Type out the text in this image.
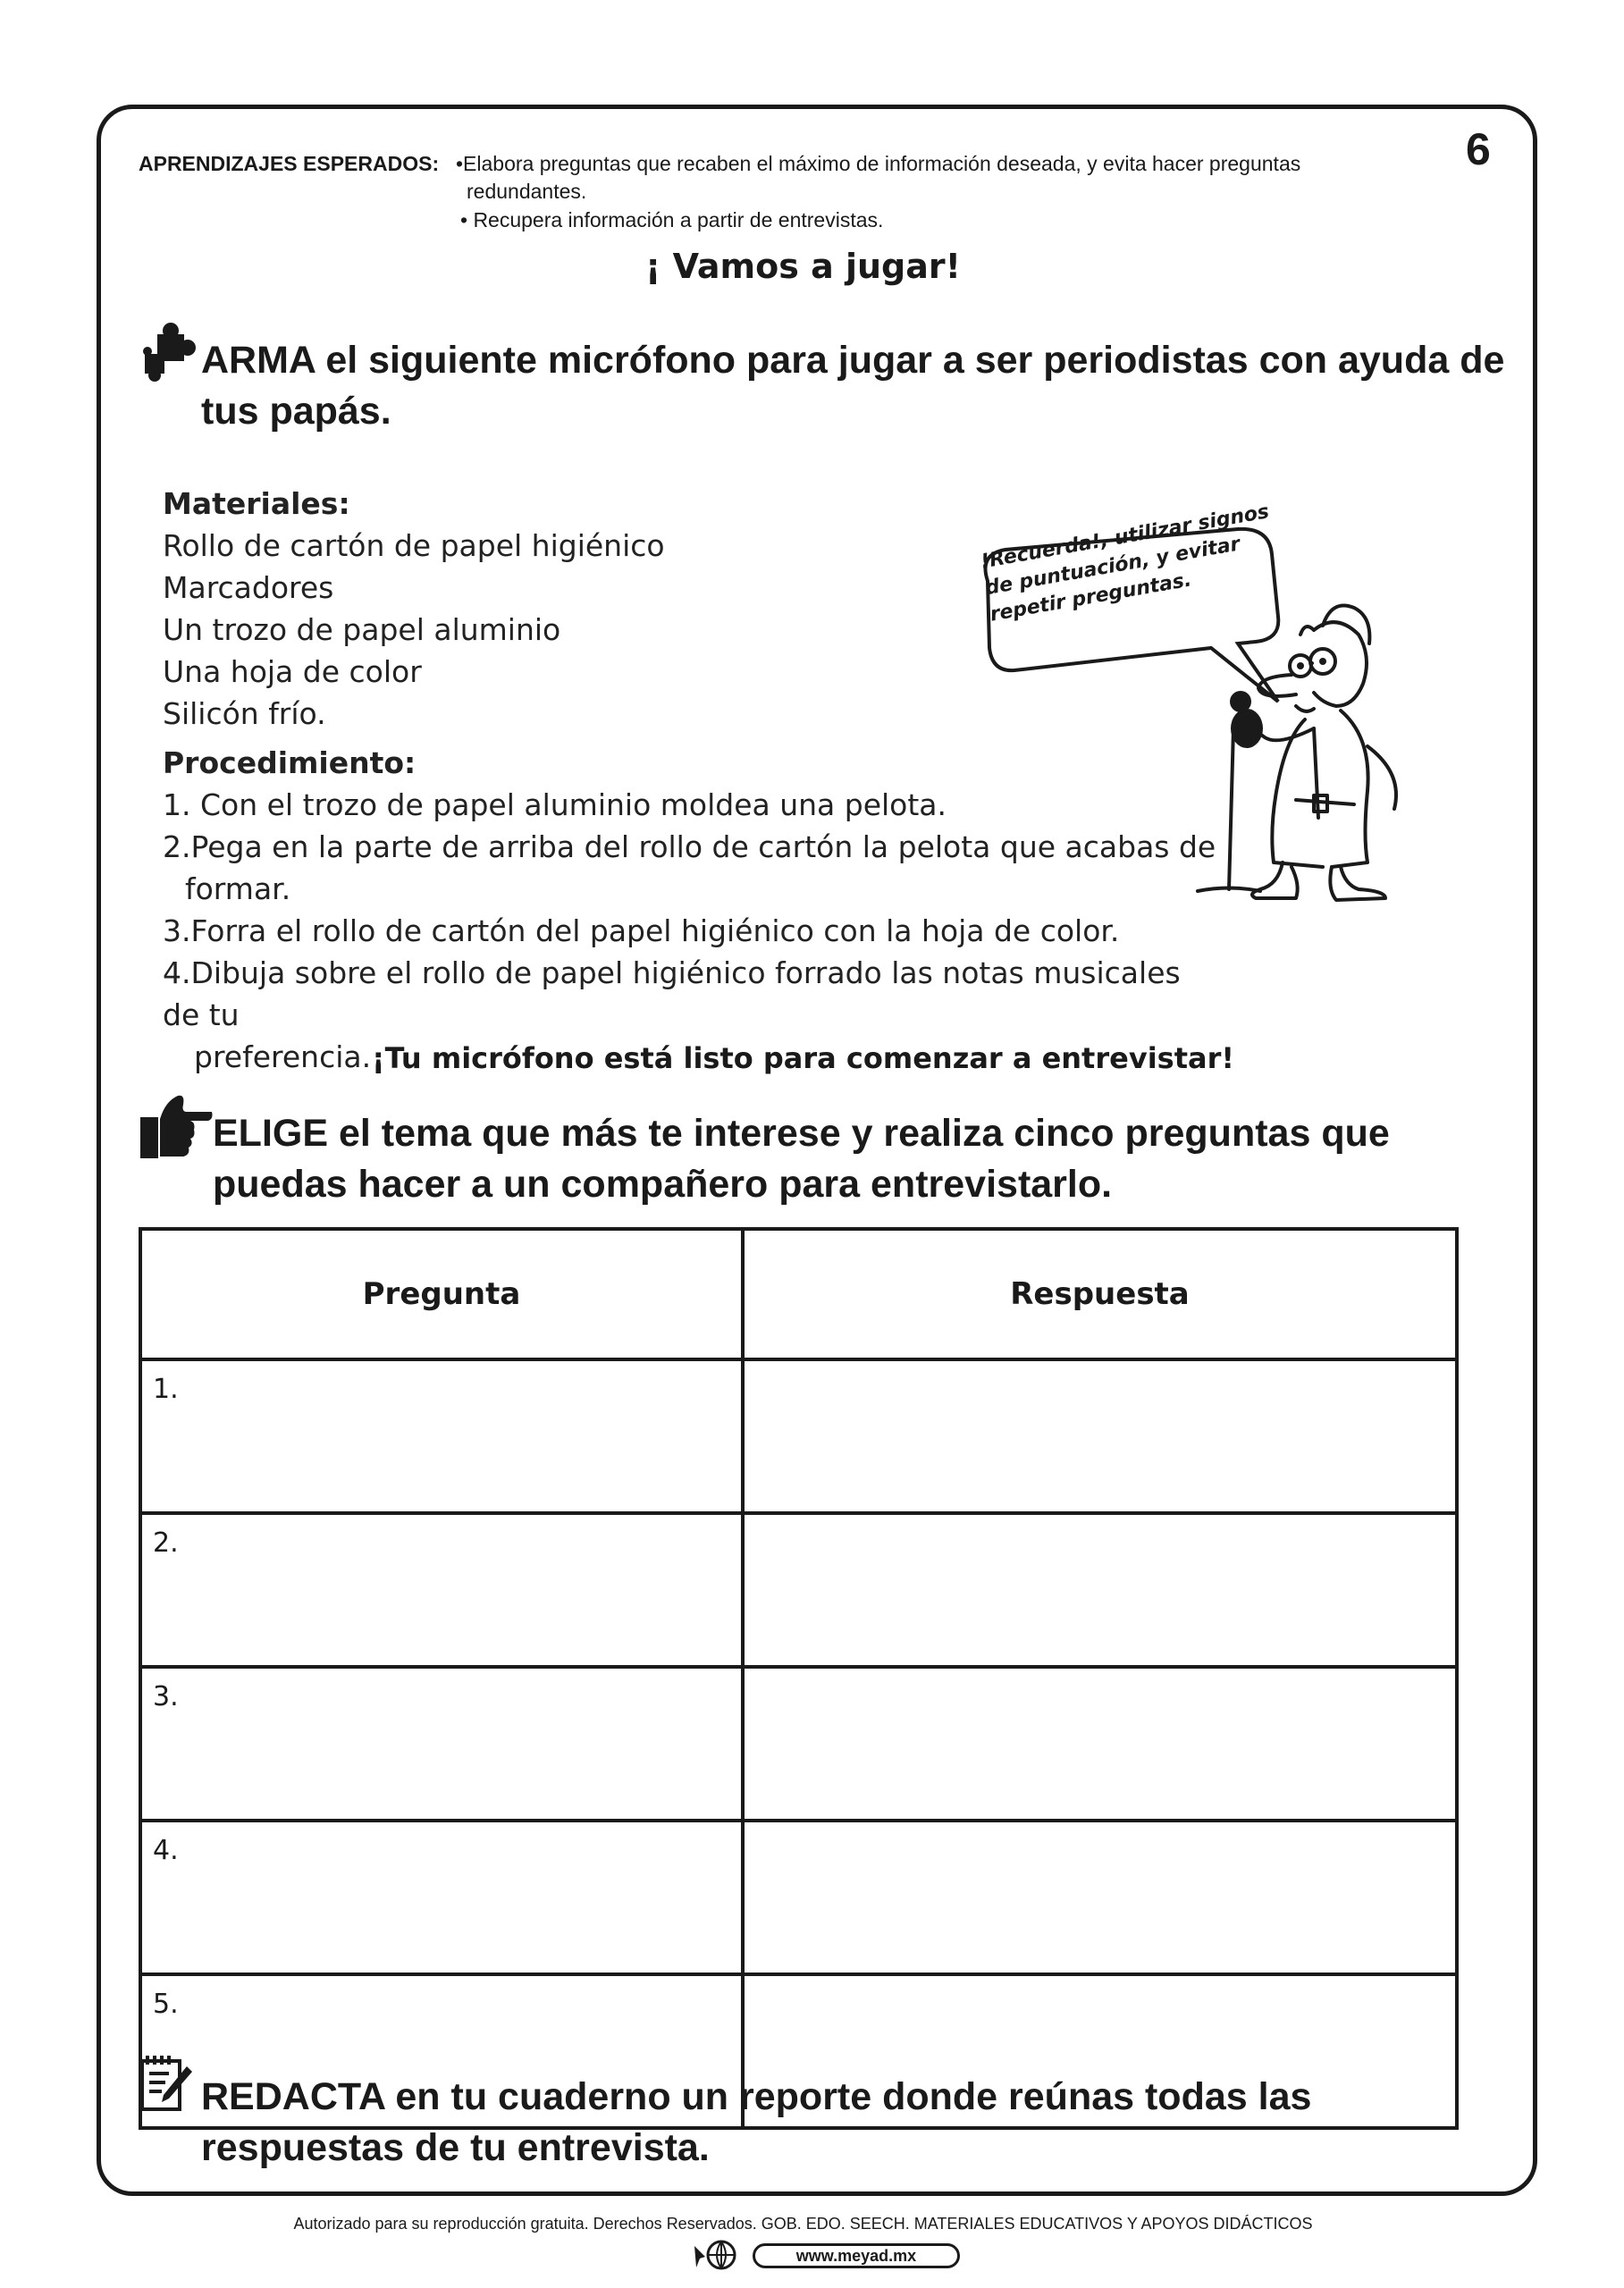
6
APRENDIZAJES ESPERADOS: •Elabora preguntas que recaben el máximo de información deseada, y evita hacer preguntas
redundantes.
• Recupera información a partir de entrevistas.
¡ Vamos a jugar!
ARMA el siguiente micrófono para jugar a ser periodistas con ayuda de tus papás.
Materiales:
Rollo de cartón de papel higiénico
Marcadores
Un trozo de papel aluminio
Una hoja de color
Silicón frío.
Procedimiento:
1. Con el trozo de papel aluminio moldea una pelota.
2.Pega en la parte de arriba del rollo de cartón la pelota que acabas de
formar.
3.Forra el rollo de cartón del papel higiénico con la hoja de color.
4.Dibuja sobre el rollo de papel higiénico forrado las notas musicales de tu
preferencia.
!Recuerda!, utilizar signos de puntuación, y evitar repetir preguntas.
¡Tu micrófono está listo para comenzar a entrevistar!
ELIGE el tema que más te interese y realiza cinco preguntas que puedas hacer a un compañero para entrevistarlo.
Pregunta	Respuesta
1.	
2.	
3.	
4.	
5.	
REDACTA en tu cuaderno un reporte donde reúnas todas las respuestas de tu entrevista.
Autorizado para su reproducción gratuita. Derechos Reservados. GOB. EDO. SEECH. MATERIALES EDUCATIVOS Y APOYOS DIDÁCTICOS
www.meyad.mx
